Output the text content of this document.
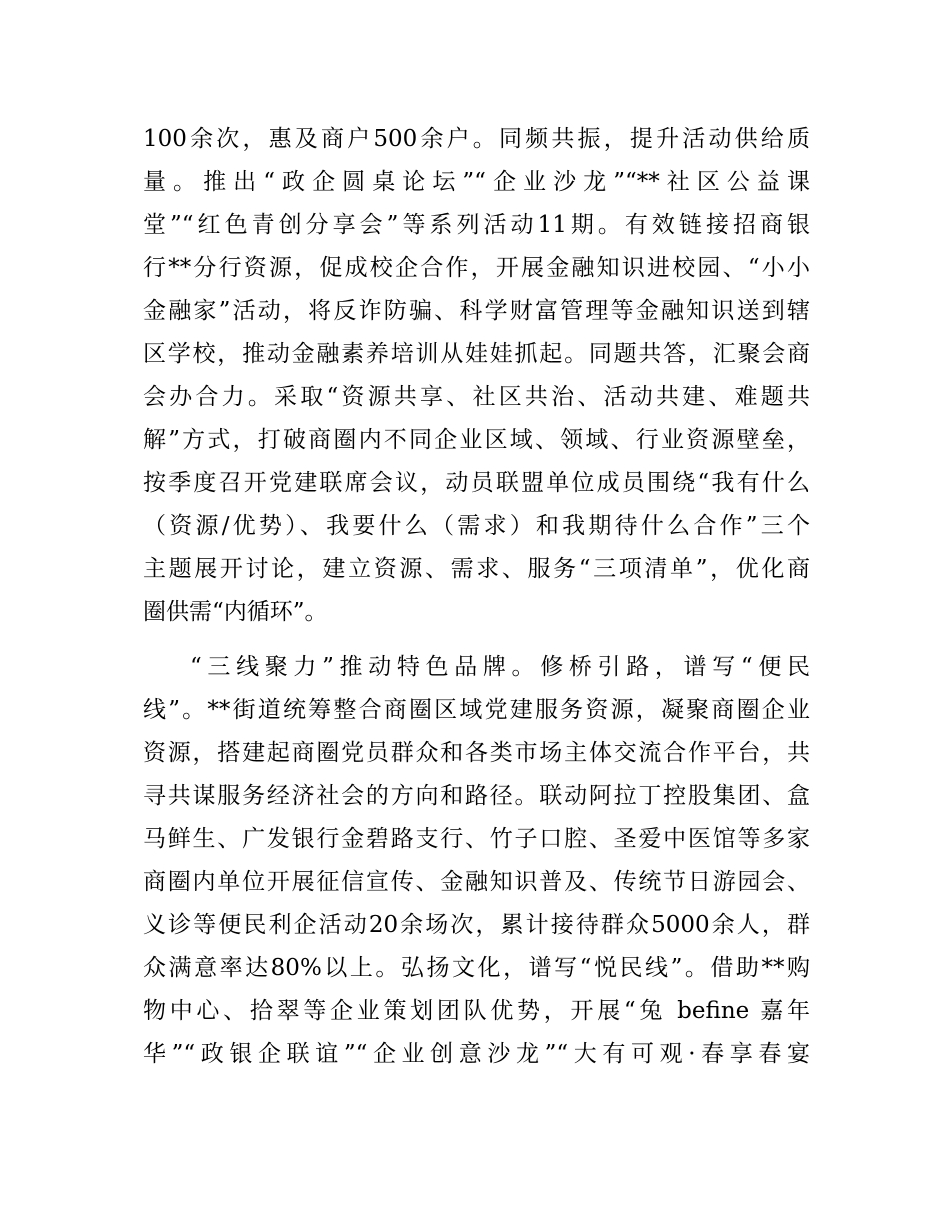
100余次，惠及商户500余户。同频共振，提升活动供给质
量。推出“政企圆桌论坛”“企业沙龙”“**社区公益课
堂”“红色青创分享会”等系列活动11期。有效链接招商银
行**分行资源，促成校企合作，开展金融知识进校园、“小小
金融家”活动，将反诈防骗、科学财富管理等金融知识送到辖
区学校，推动金融素养培训从娃娃抓起。同题共答，汇聚会商
会办合力。采取“资源共享、社区共治、活动共建、难题共
解”方式，打破商圈内不同企业区域、领域、行业资源壁垒，
按季度召开党建联席会议，动员联盟单位成员围绕“我有什么
（资源/优势）、我要什么（需求）和我期待什么合作”三个
主题展开讨论，建立资源、需求、服务“三项清单”，优化商
圈供需“内循环”。
“三线聚力”推动特色品牌。修桥引路，谱写“便民
线”。**街道统筹整合商圈区域党建服务资源，凝聚商圈企业
资源，搭建起商圈党员群众和各类市场主体交流合作平台，共
寻共谋服务经济社会的方向和路径。联动阿拉丁控股集团、盒
马鲜生、广发银行金碧路支行、竹子口腔、圣爱中医馆等多家
商圈内单位开展征信宣传、金融知识普及、传统节日游园会、
义诊等便民利企活动20余场次，累计接待群众5000余人，群
众满意率达80%以上。弘扬文化，谱写“悦民线”。借助**购
物中心、拾翠等企业策划团队优势，开展“兔 befine 嘉年
华”“政银企联谊”“企业创意沙龙”“大有可观·春享春宴
